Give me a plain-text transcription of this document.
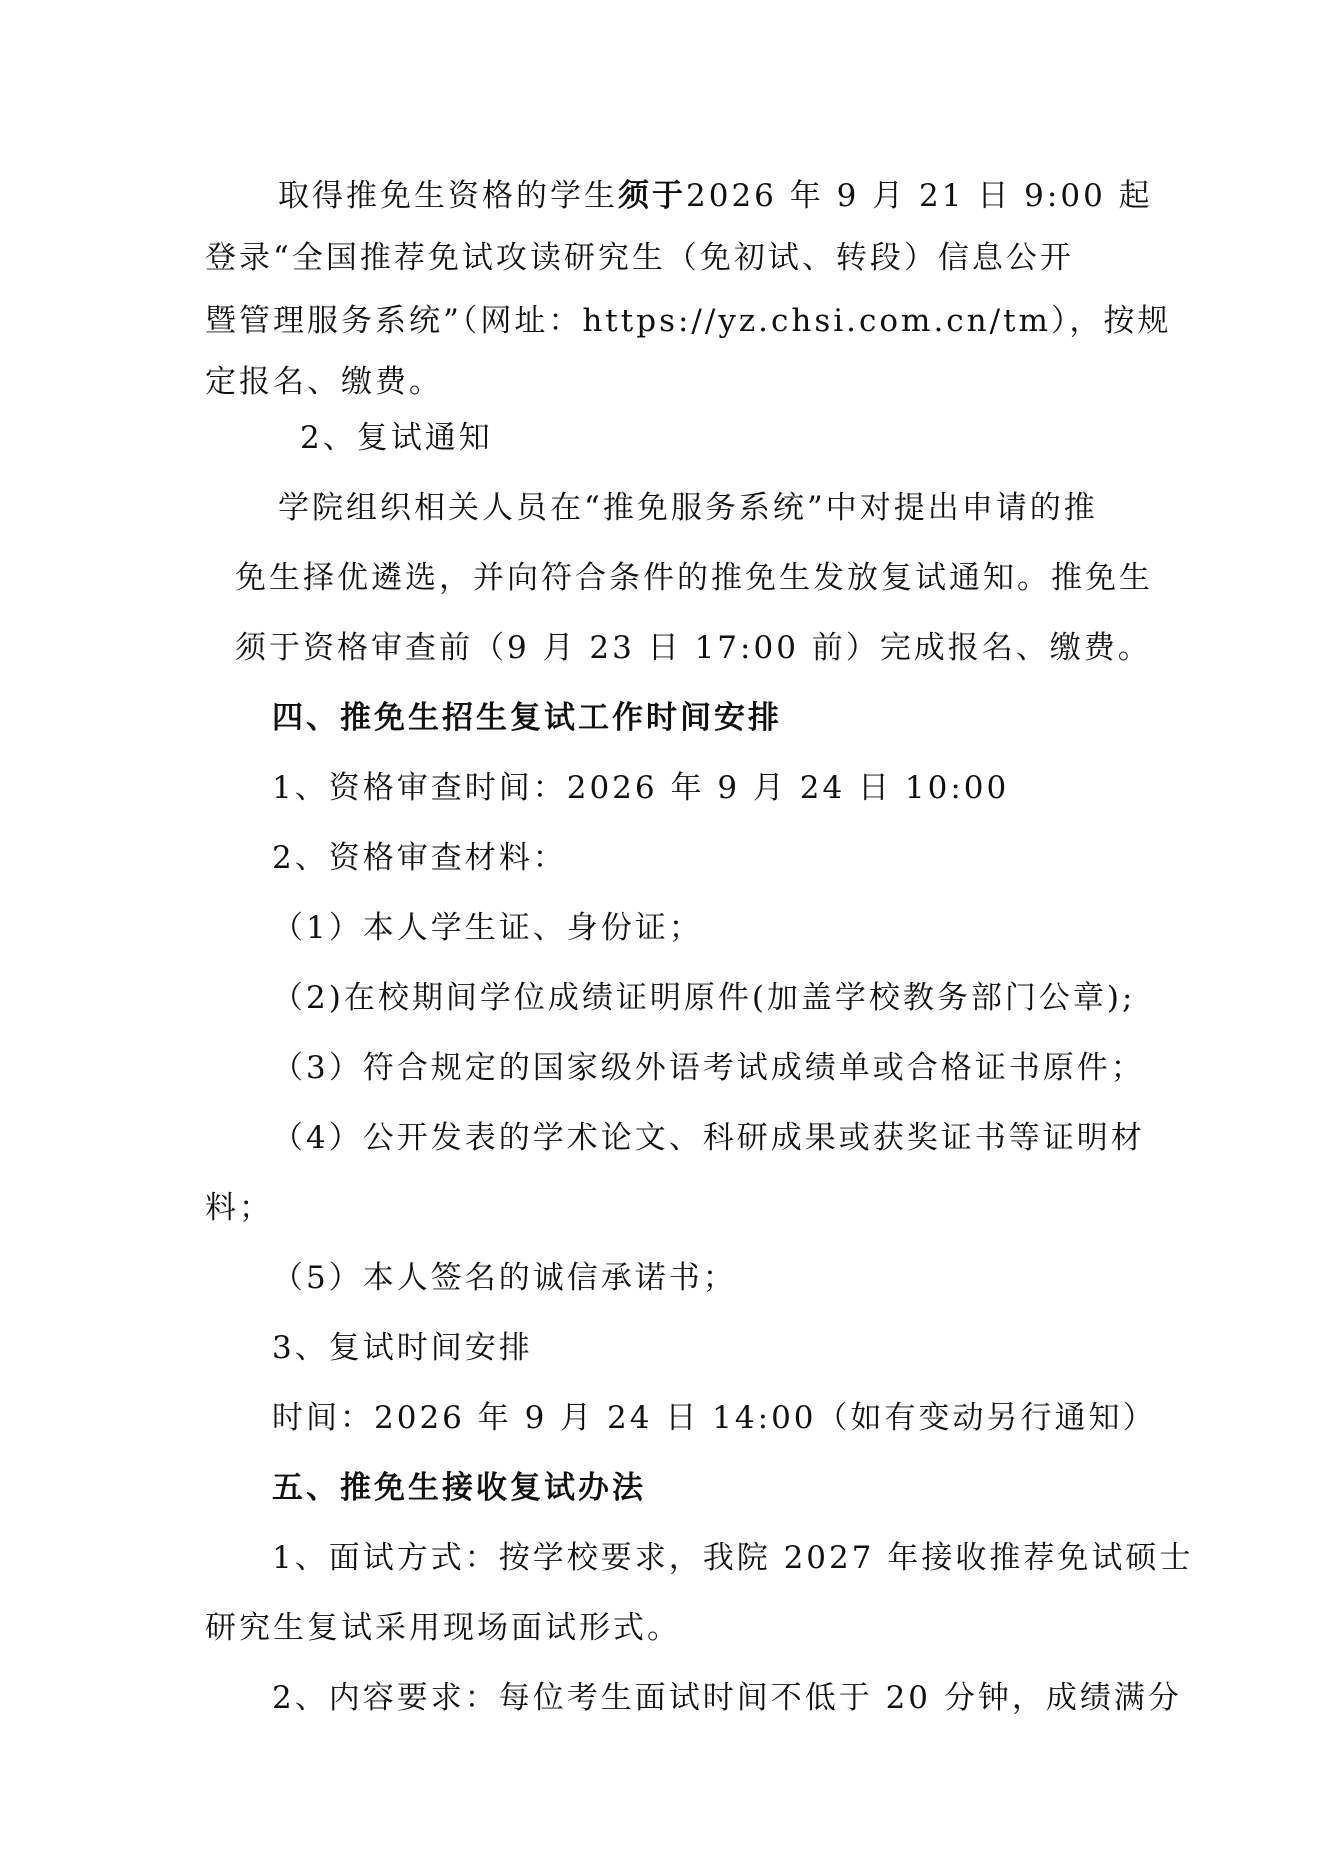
取得推免生资格的学生须于2026 年 9 月 21 日 9:00 起

登录“全国推荐免试攻读研究生（免初试、转段）信息公开

暨管理服务系统”（网址：https://yz.chsi.com.cn/tm），按规

定报名、缴费。

2、复试通知

学院组织相关人员在“推免服务系统”中对提出申请的推

免生择优遴选，并向符合条件的推免生发放复试通知。推免生

须于资格审查前（9 月 23 日 17:00 前）完成报名、缴费。

四、推免生招生复试工作时间安排

1、资格审查时间：2026 年 9 月 24 日 10:00

2、资格审查材料：

（1）本人学生证、身份证；

（2)在校期间学位成绩证明原件(加盖学校教务部门公章);

（3）符合规定的国家级外语考试成绩单或合格证书原件；

（4）公开发表的学术论文、科研成果或获奖证书等证明材

料；

（5）本人签名的诚信承诺书；

3、复试时间安排

时间：2026 年 9 月 24 日 14:00（如有变动另行通知）

五、推免生接收复试办法

1、面试方式：按学校要求，我院 2027 年接收推荐免试硕士

研究生复试采用现场面试形式。

2、内容要求：每位考生面试时间不低于 20 分钟，成绩满分
